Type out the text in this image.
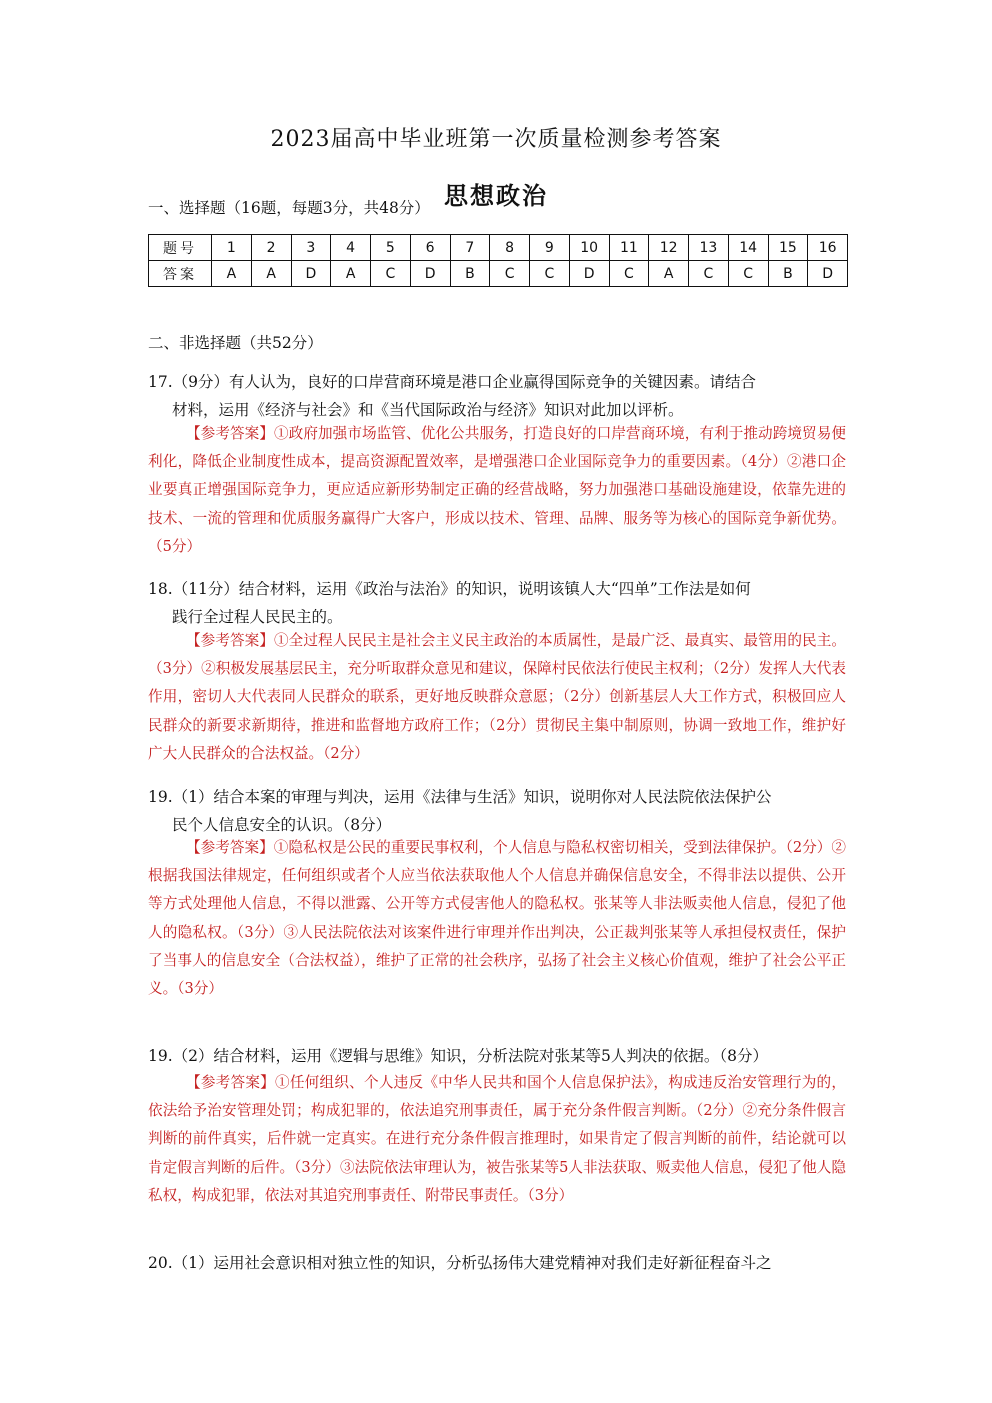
2023届高中毕业班第一次质量检测参考答案
思想政治
一、选择题（16题，每题3分，共48分）
题号	1	2	3	4	5	6	7	8	9	10	11	12	13	14	15	16
答案	A	A	D	A	C	D	B	C	C	D	C	A	C	C	B	D
二、非选择题（共52分）
17.（9分）有人认为，良好的口岸营商环境是港口企业赢得国际竞争的关键因素。请结合
材料，运用《经济与社会》和《当代国际政治与经济》知识对此加以评析。
【参考答案】①政府加强市场监管、优化公共服务，打造良好的口岸营商环境，有利于推动跨境贸易便利化，降低企业制度性成本，提高资源配置效率，是增强港口企业国际竞争力的重要因素。（4分）②港口企业要真正增强国际竞争力，更应适应新形势制定正确的经营战略，努力加强港口基础设施建设，依靠先进的技术、一流的管理和优质服务赢得广大客户，形成以技术、管理、品牌、服务等为核心的国际竞争新优势。（5分）
18.（11分）结合材料，运用《政治与法治》的知识，说明该镇人大“四单”工作法是如何
践行全过程人民民主的。
【参考答案】①全过程人民民主是社会主义民主政治的本质属性，是最广泛、最真实、最管用的民主。（3分）②积极发展基层民主，充分听取群众意见和建议，保障村民依法行使民主权利；（2分）发挥人大代表作用，密切人大代表同人民群众的联系，更好地反映群众意愿；（2分）创新基层人大工作方式，积极回应人民群众的新要求新期待，推进和监督地方政府工作；（2分）贯彻民主集中制原则，协调一致地工作，维护好广大人民群众的合法权益。（2分）
19.（1）结合本案的审理与判决，运用《法律与生活》知识，说明你对人民法院依法保护公
民个人信息安全的认识。（8分）
【参考答案】①隐私权是公民的重要民事权利，个人信息与隐私权密切相关，受到法律保护。（2分）②根据我国法律规定，任何组织或者个人应当依法获取他人个人信息并确保信息安全，不得非法以提供、公开等方式处理他人信息，不得以泄露、公开等方式侵害他人的隐私权。张某等人非法贩卖他人信息，侵犯了他人的隐私权。（3分）③人民法院依法对该案件进行审理并作出判决，公正裁判张某等人承担侵权责任，保护了当事人的信息安全（合法权益），维护了正常的社会秩序，弘扬了社会主义核心价值观，维护了社会公平正义。（3分）
19.（2）结合材料，运用《逻辑与思维》知识，分析法院对张某等5人判决的依据。（8分）
【参考答案】①任何组织、个人违反《中华人民共和国个人信息保护法》，构成违反治安管理行为的，依法给予治安管理处罚；构成犯罪的，依法追究刑事责任，属于充分条件假言判断。（2分）②充分条件假言判断的前件真实，后件就一定真实。在进行充分条件假言推理时，如果肯定了假言判断的前件，结论就可以肯定假言判断的后件。（3分）③法院依法审理认为，被告张某等5人非法获取、贩卖他人信息，侵犯了他人隐私权，构成犯罪，依法对其追究刑事责任、附带民事责任。（3分）
20.（1）运用社会意识相对独立性的知识，分析弘扬伟大建党精神对我们走好新征程奋斗之
